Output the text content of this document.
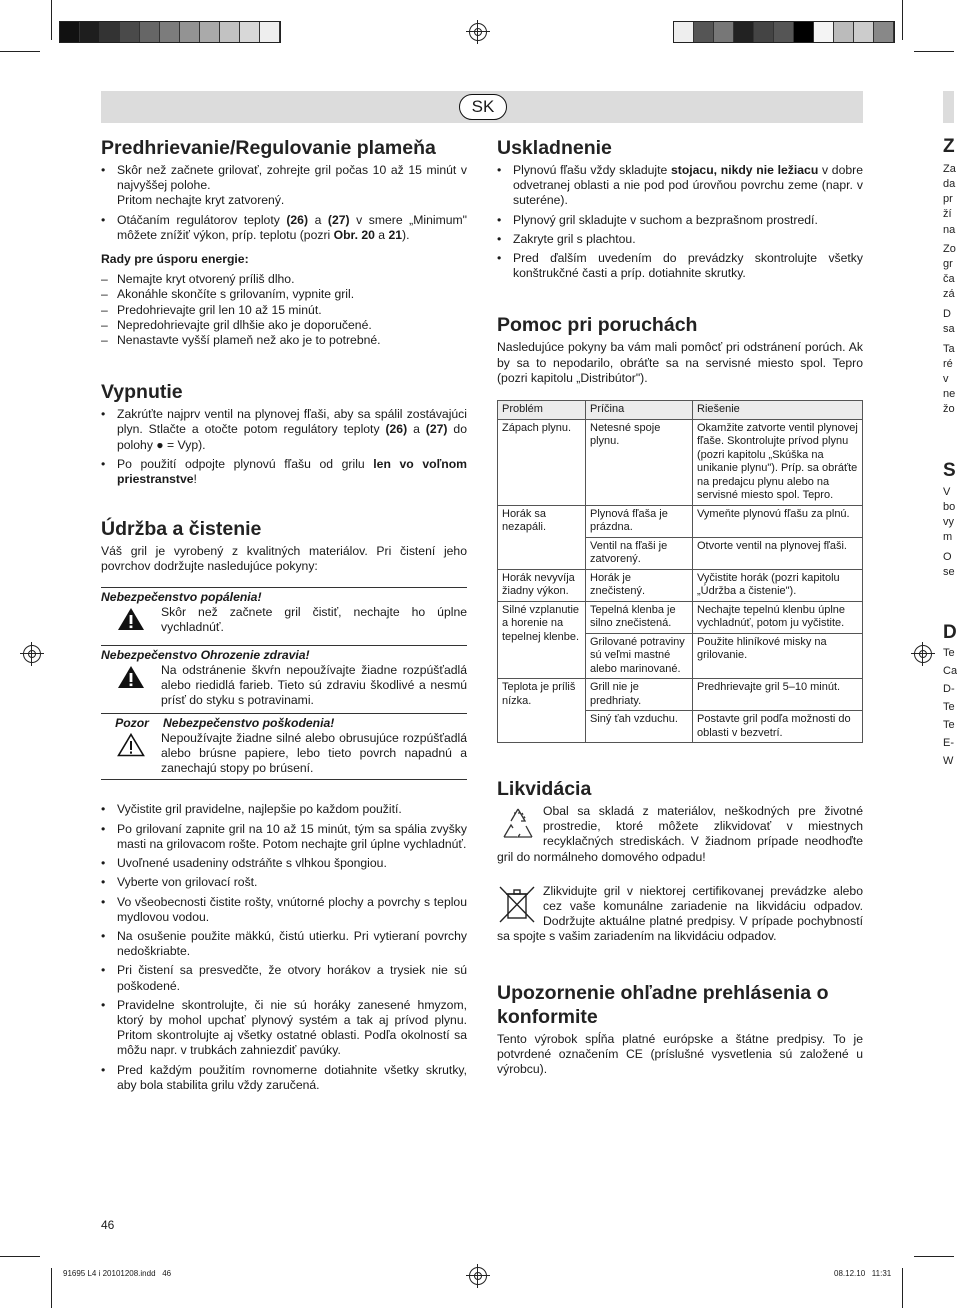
SK
Predhrievanie/Regulovanie plameňa
• Skôr než začnete grilovať, zohrejte gril počas 10 až 15 minút v najvyššej polohe.
Pritom nechajte kryt zatvorený.
• Otáčaním regulátorov teploty (26) a (27) v smere „Minimum" môžete znížiť výkon, príp. teplotu (pozri Obr. 20 a 21).

Rady pre úsporu energie:

– Nemajte kryt otvorený príliš dlho.
– Akonáhle skončíte s grilovaním, vypnite gril.
– Predohrievajte gril len 10 až 15 minút.
– Nepredohrievajte gril dlhšie ako je doporučené.
– Nenastavte vyšší plameň než ako je to potrebné.
Vypnutie
• Zakrúťte najprv ventil na plynovej fľaši, aby sa spálil zostávajúci plyn. Stlačte a otočte potom regulátory teploty (26) a (27) do polohy ● = Vyp).
• Po použití odpojte plynovú fľašu od grilu len vo voľnom priestranstve!
Údržba a čistenie

Váš gril je vyrobený z kvalitných materiálov. Pri čistení jeho povrchov dodržujte nasledujúce pokyny:

Nebezpečenstvo popálenia!

Skôr než začnete gril čistiť, nechajte ho úplne vychladnúť.

Nebezpečenstvo Ohrozenie zdravia!

Na odstránenie škvŕn nepoužívajte žiadne rozpúšťadlá alebo riedidlá farieb. Tieto sú zdraviu škodlivé a nesmú prísť do styku s potravinami.

Pozor Nebezpečenstvo poškodenia!

Nepoužívajte žiadne silné alebo obrusujúce rozpúšťadlá alebo brúsne papiere, lebo tieto povrch napadnú a zanechajú stopy po brúsení.

• Vyčistite gril pravidelne, najlepšie po každom použití.
• Po grilovaní zapnite gril na 10 až 15 minút, tým sa spália zvyšky masti na grilovacom rošte. Potom nechajte gril úplne vychladnúť.
• Uvoľnené usadeniny odstráňte s vlhkou špongiou.
• Vyberte von grilovací rošt.
• Vo všeobecnosti čistite rošty, vnútorné plochy a povrchy s teplou mydlovou vodou.
• Na osušenie použite mäkkú, čistú utierku. Pri vytieraní povrchy nedoškriabte.
• Pri čistení sa presvedčte, že otvory horákov a trysiek nie sú poškodené.
• Pravidelne skontrolujte, či nie sú horáky zanesené hmyzom, ktorý by mohol upchať plynový systém a tak aj prívod plynu. Pritom skontrolujte aj všetky ostatné oblasti. Podľa okolností sa môžu napr. v trubkách zahniezdiť pavúky.
• Pred každým použitím rovnomerne dotiahnite všetky skrutky, aby bola stabilita grilu vždy zaručená.
46
Uskladnenie
• Plynovú fľašu vždy skladujte stojacu, nikdy nie ležiacu v dobre odvetranej oblasti a nie pod pod úrovňou povrchu zeme (napr. v suteréne).
• Plynový gril skladujte v suchom a bezprašnom prostredí.
• Zakryte gril s plachtou.
• Pred ďalším uvedením do prevádzky skontrolujte všetky konštrukčné časti a príp. dotiahnite skrutky.
Pomoc pri poruchách

Nasledujúce pokyny ba vám mali pomôcť pri odstránení porúch. Ak by sa to nepodarilo, obráťte sa na servisné miesto spol. Tepro (pozri kapitolu „Distribútor").

Problém	Príčina	Riešenie
Zápach plynu.	Netesné spoje plynu.	Okamžite zatvorte ventil plynovej fľaše. Skontrolujte prívod plynu (pozri kapitolu „Skúška na unikanie plynu"). Príp. sa obráťte na predajcu plynu alebo na servisné miesto spol. Tepro.
Horák sa nezapáli.	Plynová fľaša je prázdna.	Vymeňte plynovú fľašu za plnú.
	Ventil na fľaši je zatvorený.	Otvorte ventil na plynovej fľaši.
Horák nevyvíja žiadny výkon.	Horák je znečistený.	Vyčistite horák (pozri kapitolu „Údržba a čistenie").
Silné vzplanutie a horenie na tepelnej klenbe.	Tepelná klenba je silno znečistená.	Nechajte tepelnú klenbu úplne vychladnúť, potom ju vyčistite.
	Grilované potraviny sú veľmi mastné alebo marinované.	Použite hliníkové misky na grilovanie.
Teplota je príliš nízka.	Grill nie je predhriaty.	Predhrievajte gril 5–10 minút.
	Siný ťah vzduchu.	Postavte gril podľa možnosti do oblasti v bezvetrí.
Likvidácia

Obal sa skladá z materiálov, neškodných pre životné prostredie, ktoré môžete zlikvidovať v miestnych recyklačných strediskách. V žiadnom prípade neodhoďte gril do normálneho domového odpadu!

Zlikvidujte gril v niektorej certifikovanej prevádzke alebo cez vaše komunálne zariadenie na likvidáciu odpadov. Dodržujte aktuálne platné predpisy. V prípade pochybností sa spojte s vašim zariadením na likvidáciu odpadov.

Upozornenie ohľadne prehlásenia o konformite

Tento výrobok spĺňa platné európske a štátne predpisy. To je potvrdené označením CE (príslušné vysvetlenia sú založené u výrobcu).

Z
S
D
Za
da
pr
ží
na
Zo
gr
ča
zá
D
sa
Ta
ré
v
ne
žo
V
bo
vy
m
O
se
Te
Ca
D-
Te
Te
E-
W
91695 L4 i 20101208.indd   46	08.12.10   11:31
